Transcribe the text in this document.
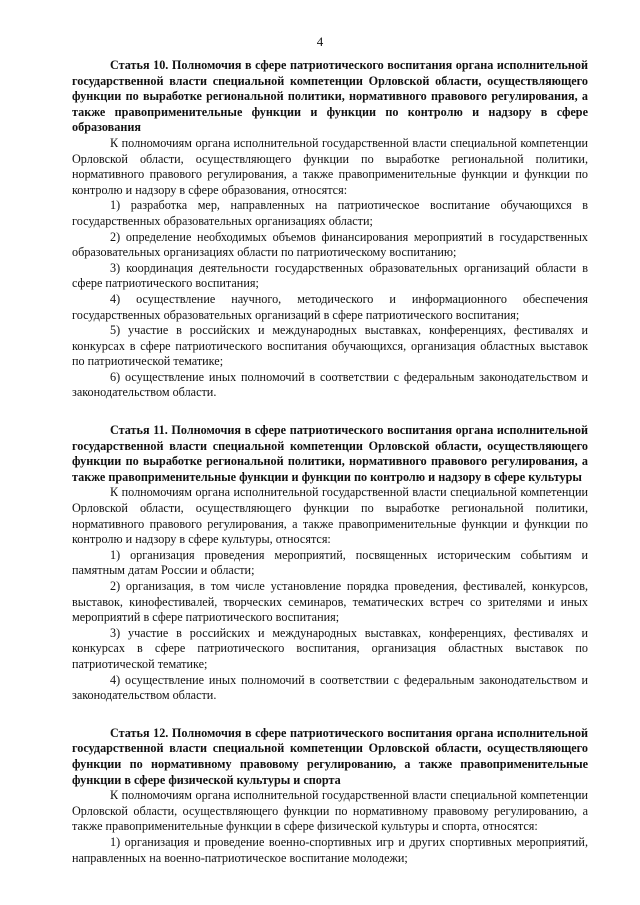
4

Статья 10. Полномочия в сфере патриотического воспитания органа исполнительной государственной власти специальной компетенции Орловской области, осуществляющего функции по выработке региональной политики, нормативного правового регулирования, а также правоприменительные функции и функции по контролю и надзору в сфере образования

К полномочиям органа исполнительной государственной власти специальной компетенции Орловской области, осуществляющего функции по выработке региональной политики, нормативного правового регулирования, а также правоприменительные функции и функции по контролю и надзору в сфере образования, относятся:

1) разработка мер, направленных на патриотическое воспитание обучающихся в государственных образовательных организациях области;

2) определение необходимых объемов финансирования мероприятий в государственных образовательных организациях области по патриотическому воспитанию;

3) координация деятельности государственных образовательных организаций области в сфере патриотического воспитания;

4) осуществление научного, методического и информационного обеспечения государственных образовательных организаций в сфере патриотического воспитания;

5) участие в российских и международных выставках, конференциях, фестивалях и конкурсах в сфере патриотического воспитания обучающихся, организация областных выставок по патриотической тематике;

6) осуществление иных полномочий в соответствии с федеральным законодательством и законодательством области.

Статья 11. Полномочия в сфере патриотического воспитания органа исполнительной государственной власти специальной компетенции Орловской области, осуществляющего функции по выработке региональной политики, нормативного правового регулирования, а также правоприменительные функции и функции по контролю и надзору в сфере культуры

К полномочиям органа исполнительной государственной власти специальной компетенции Орловской области, осуществляющего функции по выработке региональной политики, нормативного правового регулирования, а также правоприменительные функции и функции по контролю и надзору в сфере культуры, относятся:

1) организация проведения мероприятий, посвященных историческим событиям и памятным датам России и области;

2) организация, в том числе установление порядка проведения, фестивалей, конкурсов, выставок, кинофестивалей, творческих семинаров, тематических встреч со зрителями и иных мероприятий в сфере патриотического воспитания;

3) участие в российских и международных выставках, конференциях, фестивалях и конкурсах в сфере патриотического воспитания, организация областных выставок по патриотической тематике;

4) осуществление иных полномочий в соответствии с федеральным законодательством и законодательством области.

Статья 12. Полномочия в сфере патриотического воспитания органа исполнительной государственной власти специальной компетенции Орловской области, осуществляющего функции по нормативному правовому регулированию, а также правоприменительные функции в сфере физической культуры и спорта

К полномочиям органа исполнительной государственной власти специальной компетенции Орловской области, осуществляющего функции по нормативному правовому регулированию, а также правоприменительные функции в сфере физической культуры и спорта, относятся:

1) организация и проведение военно-спортивных игр и других спортивных мероприятий, направленных на военно-патриотическое воспитание молодежи;
